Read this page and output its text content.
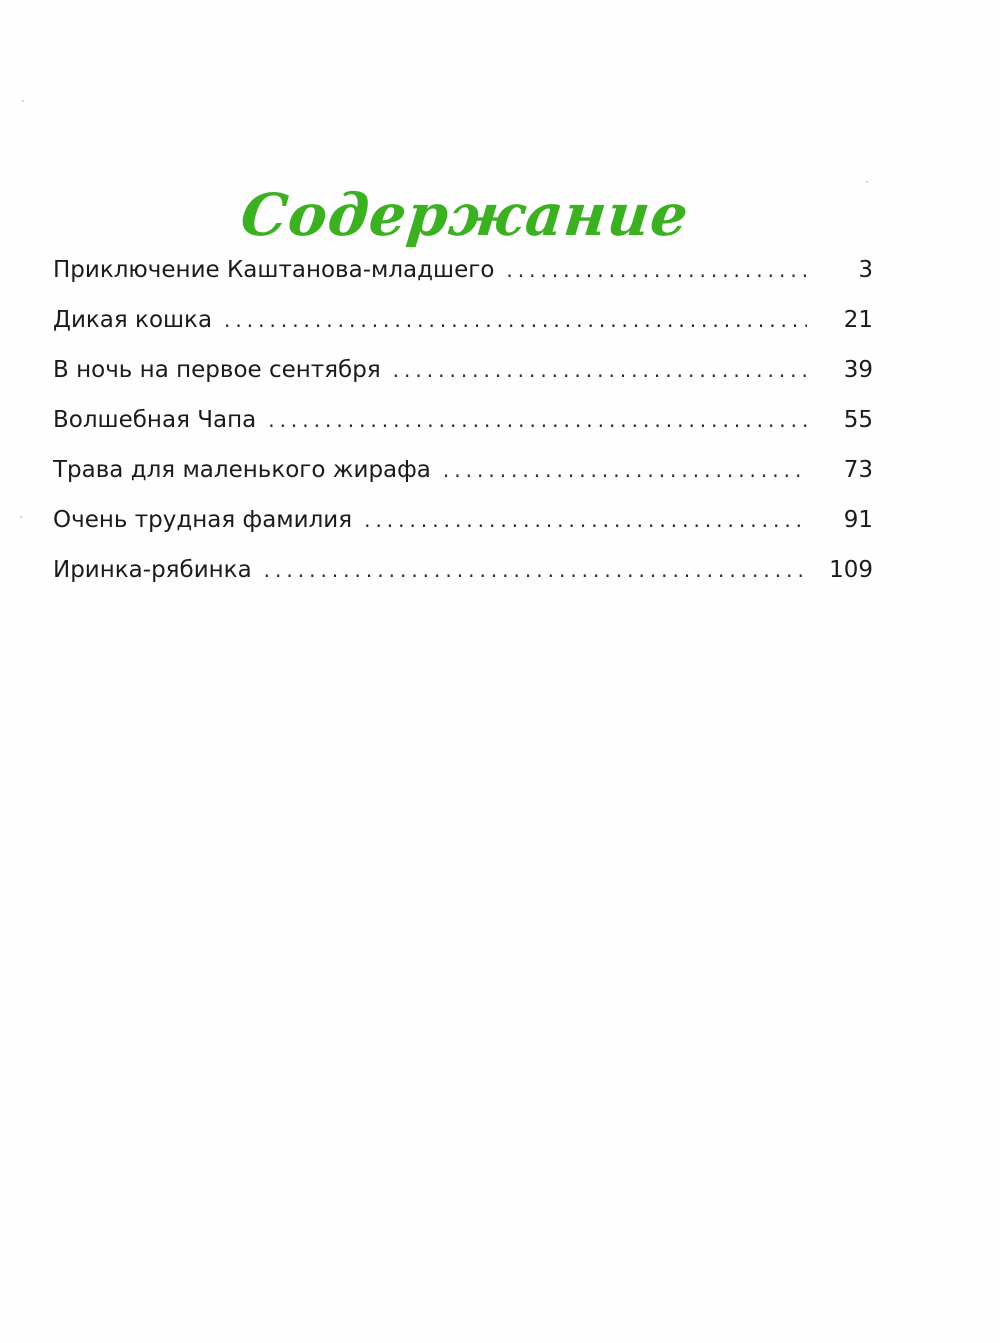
Содержание
Приключение Каштанова-младшего .....	3
Дикая кошка .....	21
В ночь на первое сентября .....	39
Волшебная Чапа .....	55
Трава для маленького жирафа .....	73
Очень трудная фамилия .....	91
Иринка-рябинка .....	109
